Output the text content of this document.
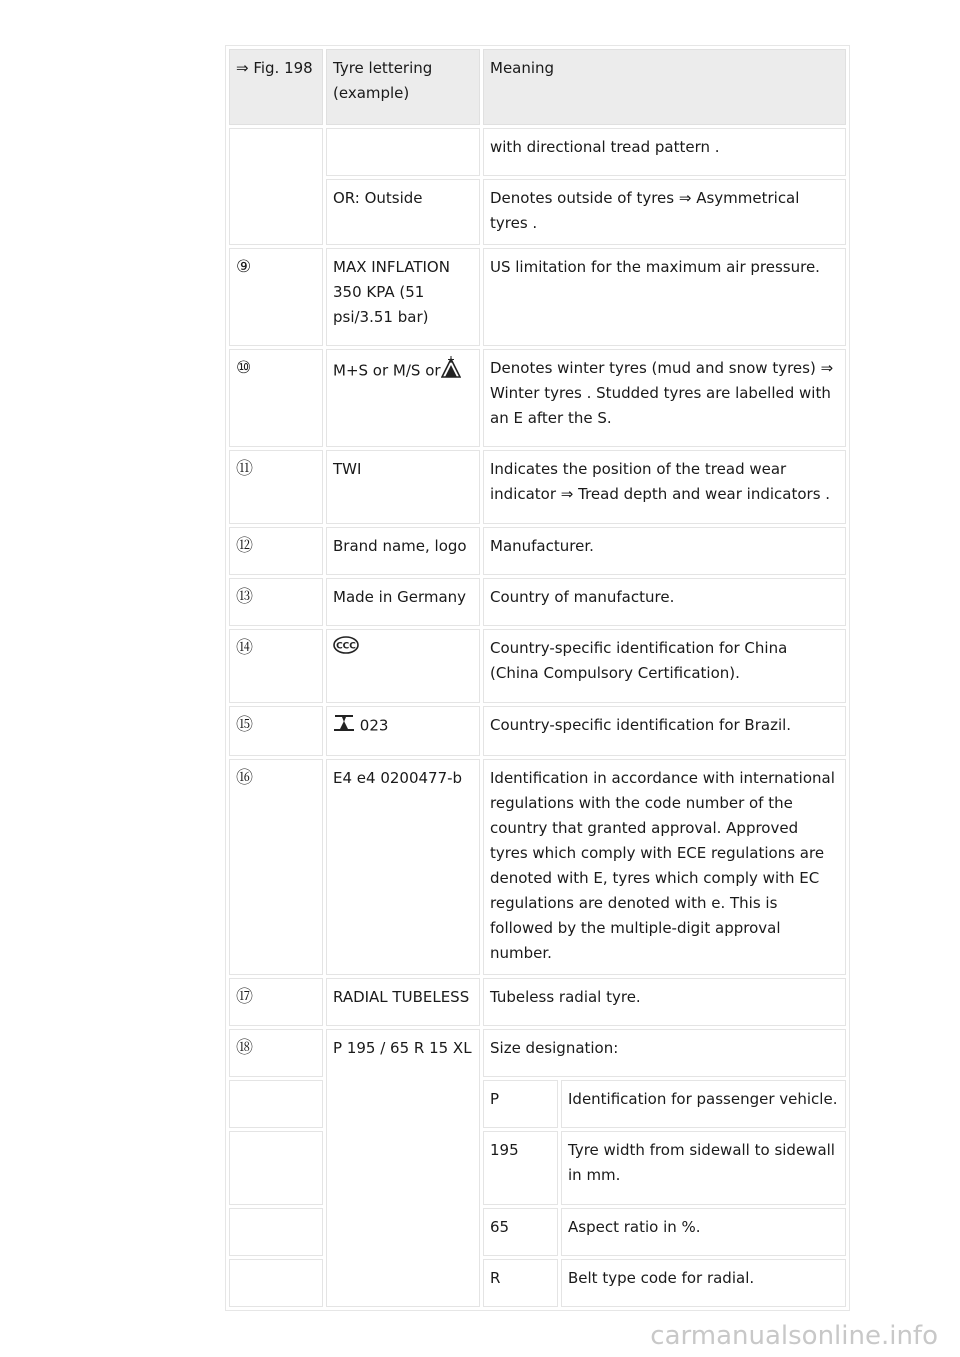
⇒ Fig. 198	Tyre lettering (example)	Meaning	
		with directional tread pattern .	
	OR: Outside	Denotes outside of tyres ⇒ Asymmetrical tyres .	
⑨	MAX INFLATION 350 KPA (51 psi/3.51 bar)	US limitation for the maximum air pressure.	
⑩	M+S or M/S or	Denotes winter tyres (mud and snow tyres) ⇒ Winter tyres . Studded tyres are labelled with an E after the S.	
⑪	TWI	Indicates the position of the tread wear indicator ⇒ Tread depth and wear indicators .	
⑫	Brand name, logo	Manufacturer.	
⑬	Made in Germany	Country of manufacture.	
⑭	CCC	Country-specific identification for China (China Compulsory Certification).	
⑮	023	Country-specific identification for Brazil.	
⑯	E4 e4 0200477-b	Identification in accordance with international regulations with the code number of the country that granted approval. Approved tyres which comply with ECE regulations are denoted with E, tyres which comply with EC regulations are denoted with e. This is followed by the multiple-digit approval number.	
⑰	RADIAL TUBELESS	Tubeless radial tyre.	
⑱	P 195 / 65 R 15 XL	Size designation:	
		P	Identification for passenger vehicle.
		195	Tyre width from sidewall to sidewall in mm.
		65	Aspect ratio in %.
		R	Belt type code for radial.
carmanualsonline.info
